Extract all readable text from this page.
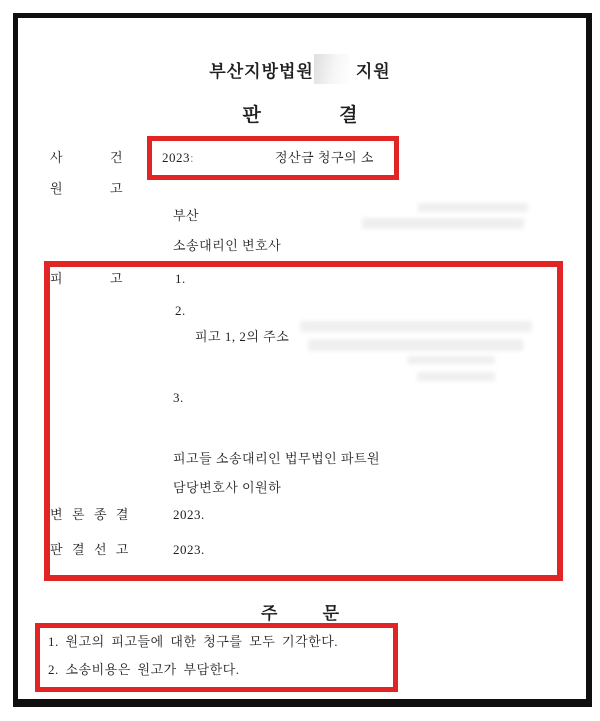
부산지방법원 지원
판	결
사	건	2023:	정산금 청구의 소
원	고
부산
소송대리인 변호사
피	고	1.
2.
피고 1, 2의 주소
3.
피고들 소송대리인 법무법인 파트원
담당변호사 이원하
변 론 종 결	2023.
판 결 선 고	2023.
주	문
1. 원고의 피고들에 대한 청구를 모두 기각한다.
2. 소송비용은 원고가 부담한다.
